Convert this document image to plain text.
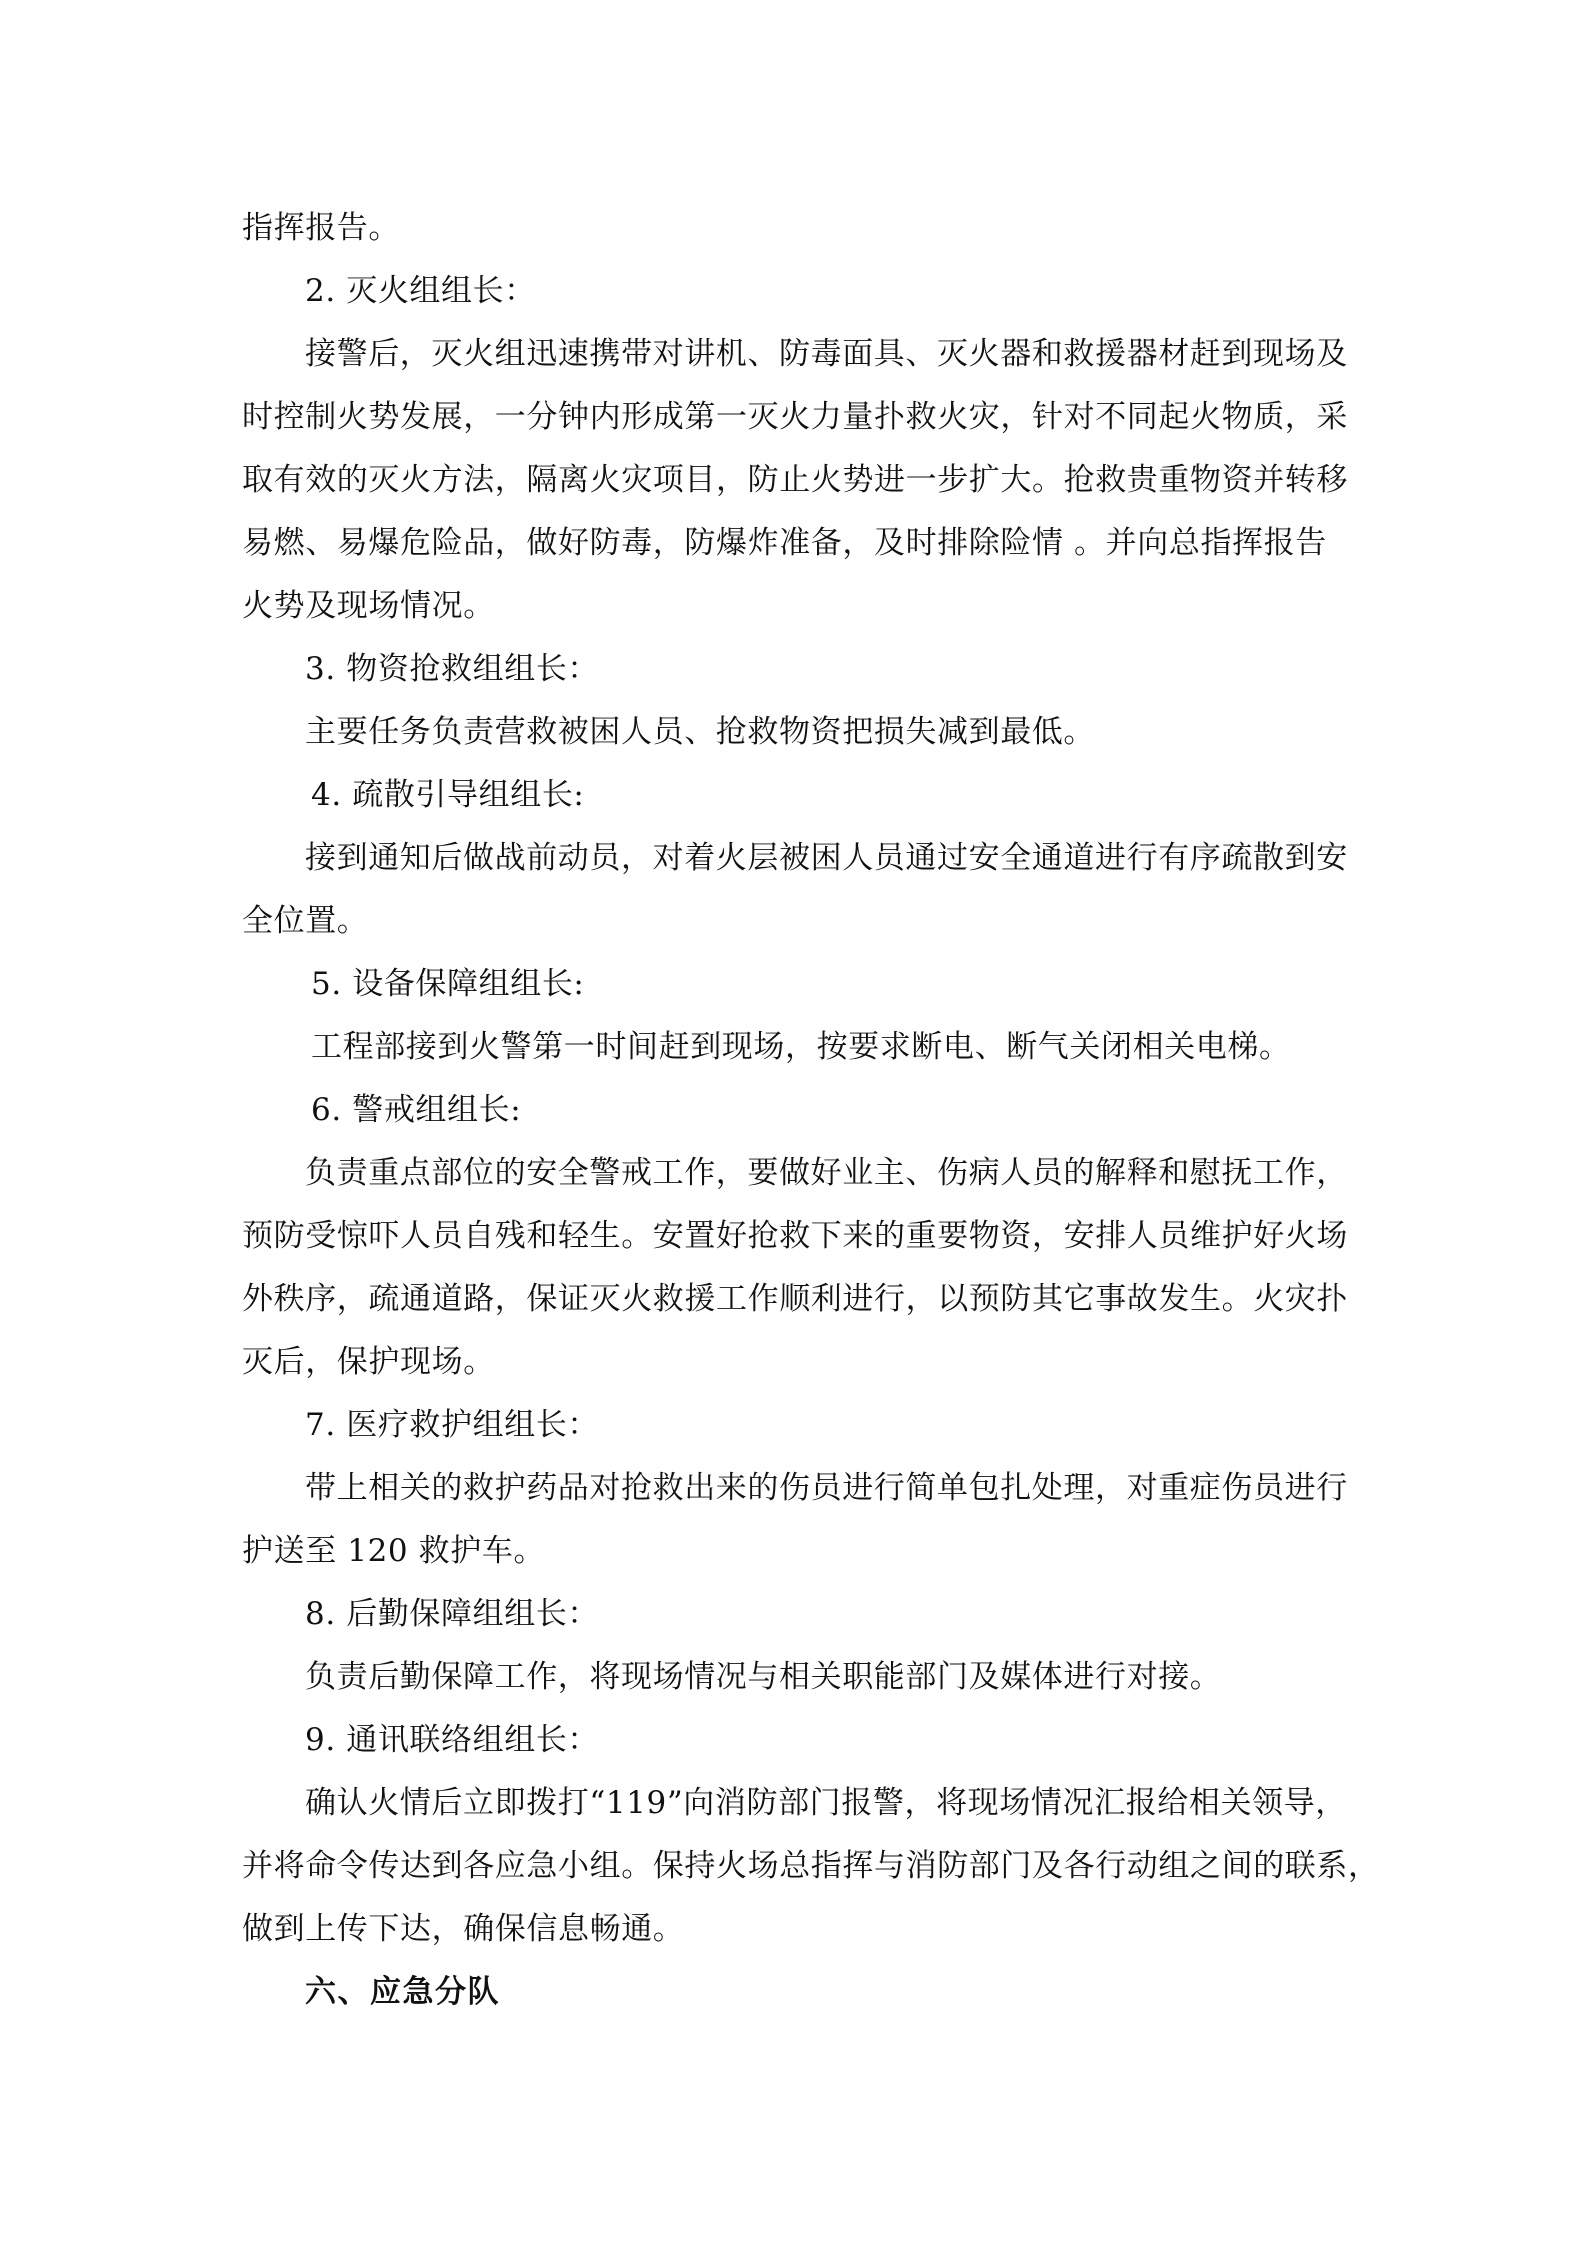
指挥报告。
2. 灭火组组长：
接警后，灭火组迅速携带对讲机、防毒面具、灭火器和救援器材赶到现场及
时控制火势发展，一分钟内形成第一灭火力量扑救火灾，针对不同起火物质，采
取有效的灭火方法，隔离火灾项目，防止火势进一步扩大。抢救贵重物资并转移
易燃、易爆危险品，做好防毒，防爆炸准备，及时排除险情 。并向总指挥报告
火势及现场情况。
3. 物资抢救组组长：
主要任务负责营救被困人员、抢救物资把损失减到最低。
4. 疏散引导组组长:
接到通知后做战前动员，对着火层被困人员通过安全通道进行有序疏散到安
全位置。
5. 设备保障组组长:
工程部接到火警第一时间赶到现场，按要求断电、断气关闭相关电梯。
6. 警戒组组长:
负责重点部位的安全警戒工作，要做好业主、伤病人员的解释和慰抚工作，
预防受惊吓人员自残和轻生。安置好抢救下来的重要物资，安排人员维护好火场
外秩序，疏通道路，保证灭火救援工作顺利进行，以预防其它事故发生。火灾扑
灭后，保护现场。
7. 医疗救护组组长：
带上相关的救护药品对抢救出来的伤员进行简单包扎处理，对重症伤员进行
护送至 120 救护车。
8. 后勤保障组组长：
负责后勤保障工作，将现场情况与相关职能部门及媒体进行对接。
9. 通讯联络组组长：
确认火情后立即拨打“119”向消防部门报警，将现场情况汇报给相关领导，
并将命令传达到各应急小组。保持火场总指挥与消防部门及各行动组之间的联系，
做到上传下达，确保信息畅通。
六、应急分队
